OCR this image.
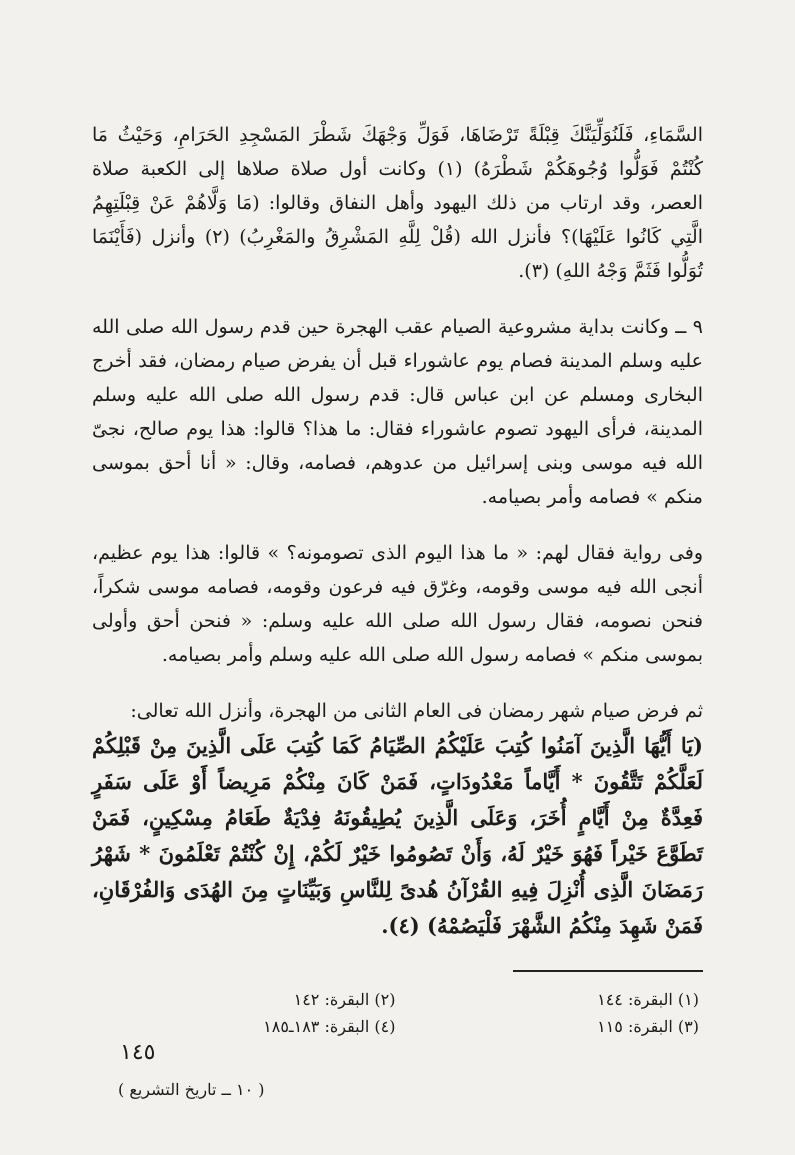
السَّمَاءِ، فَلَنُوَلِّيَنَّكَ قِبْلَةً تَرْضَاهَا، فَوَلِّ وَجْهَكَ شَطْرَ المَسْجِدِ الحَرَامِ، وَحَيْثُ مَا كُنْتُمْ فَوَلُّوا وُجُوهَكُمْ شَطْرَهُ) (١) وكانت أول صلاة صلاها إلى الكعبة صلاة العصر، وقد ارتاب من ذلك اليهود وأهل النفاق وقالوا: (مَا وَلَّاهُمْ عَنْ قِبْلَتِهِمُ الَّتِي كَانُوا عَلَيْهَا)؟ فأنزل الله (قُلْ لِلَّهِ المَشْرِقُ والمَغْرِبُ) (٢) وأنزل (فَأَيْنَمَا تُوَلُّوا فَثَمَّ وَجْهُ اللهِ) (٣).

٩ ــ وكانت بداية مشروعية الصيام عقب الهجرة حين قدم رسول الله صلى الله عليه وسلم المدينة فصام يوم عاشوراء قبل أن يفرض صيام رمضان، فقد أخرج البخارى ومسلم عن ابن عباس قال: قدم رسول الله صلى الله عليه وسلم المدينة، فرأى اليهود تصوم عاشوراء فقال: ما هذا؟ قالوا: هذا يوم صالح، نجىّ الله فيه موسى وبنى إسرائيل من عدوهم، فصامه، وقال: « أنا أحق بموسى منكم » فصامه وأمر بصيامه.

وفى رواية فقال لهم: « ما هذا اليوم الذى تصومونه؟ » قالوا: هذا يوم عظيم، أنجى الله فيه موسى وقومه، وغرّق فيه فرعون وقومه، فصامه موسى شكراً، فنحن نصومه، فقال رسول الله صلى الله عليه وسلم: « فنحن أحق وأولى بموسى منكم » فصامه رسول الله صلى الله عليه وسلم وأمر بصيامه.

ثم فرض صيام شهر رمضان فى العام الثانى من الهجرة، وأنزل الله تعالى:

(يَا أَيُّهَا الَّذِينَ آمَنُوا كُتِبَ عَلَيْكُمُ الصِّيَامُ كَمَا كُتِبَ عَلَى الَّذِينَ مِنْ قَبْلِكُمْ لَعَلَّكُمْ تَتَّقُونَ * أَيَّاماً مَعْدُودَاتٍ، فَمَنْ كَانَ مِنْكُمْ مَرِيضاً أَوْ عَلَى سَفَرٍ فَعِدَّةٌ مِنْ أَيَّامٍ أُخَرَ، وَعَلَى الَّذِينَ يُطِيقُونَهُ فِدْيَةٌ طَعَامُ مِسْكِينٍ، فَمَنْ تَطَوَّعَ خَيْراً فَهُوَ خَيْرٌ لَهُ، وَأَنْ تَصُومُوا خَيْرٌ لَكُمْ، إِنْ كُنْتُمْ تَعْلَمُونَ * شَهْرُ رَمَضَانَ الَّذِى أُنْزِلَ فِيهِ القُرْآنُ هُدىً لِلنَّاسِ وَبَيِّنَاتٍ مِنَ الهُدَى وَالفُرْقَانِ، فَمَنْ شَهِدَ مِنْكُمُ الشَّهْرَ فَلْيَصُمْهُ) (٤).

(١) البقرة: ١٤٤
(٢) البقرة: ١٤٢
(٣) البقرة: ١١٥
(٤) البقرة: ١٨٣ـ١٨٥
١٤٥
( ١٠ ــ تاريخ التشريع )
